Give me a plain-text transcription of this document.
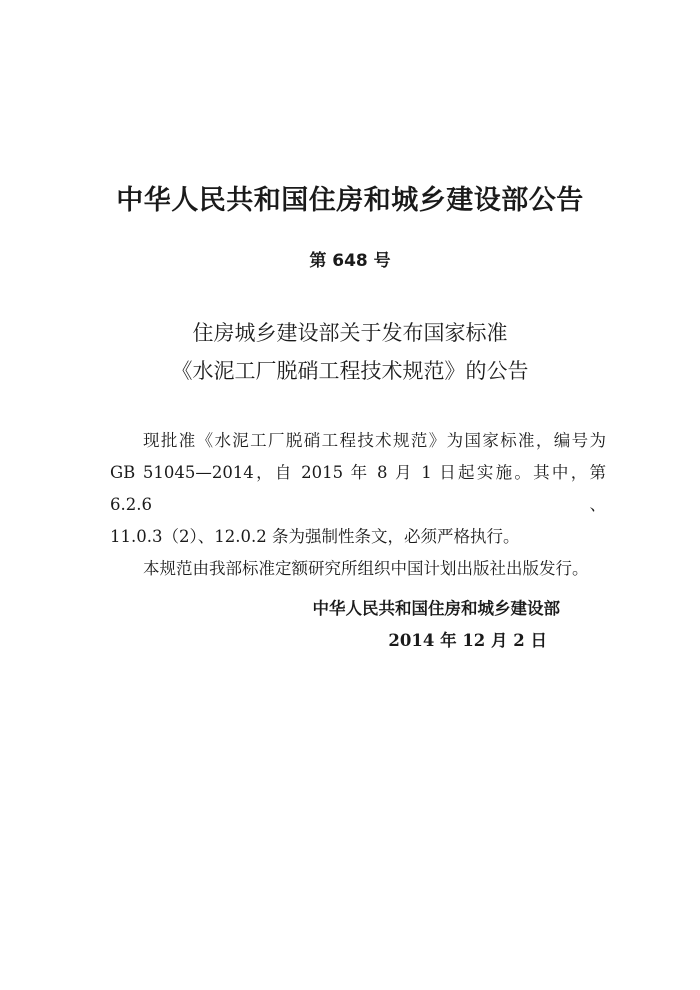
中华人民共和国住房和城乡建设部公告
第 648 号
住房城乡建设部关于发布国家标准
《水泥工厂脱硝工程技术规范》的公告
现批准《水泥工厂脱硝工程技术规范》为国家标准，编号为
GB 51045—2014，自 2015 年 8 月 1 日起实施。其中，第 6.2.6、
11.0.3（2）、12.0.2 条为强制性条文，必须严格执行。
本规范由我部标准定额研究所组织中国计划出版社出版发行。
中华人民共和国住房和城乡建设部
2014 年 12 月 2 日
